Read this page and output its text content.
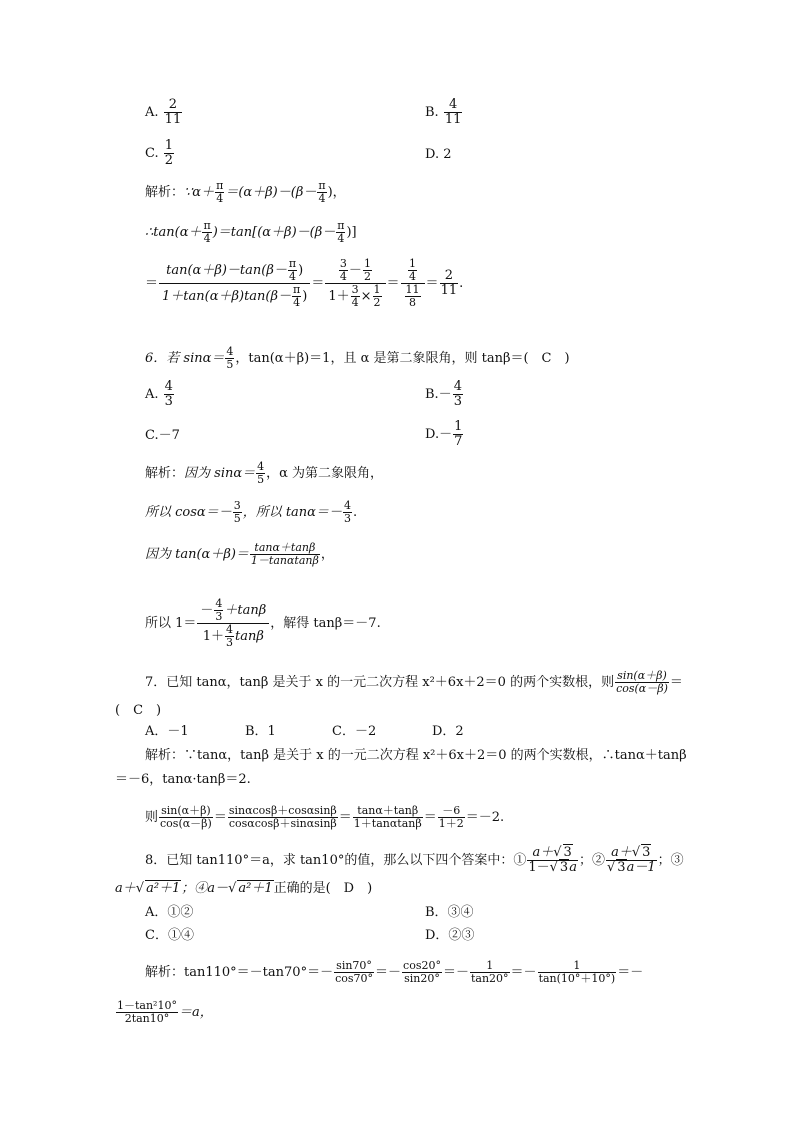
A. $\frac{2}{11}$	B. $\frac{4}{11}$
C. $\frac{1}{2}$	D. 2
解析：∵α＋ $\frac{\pi}{4} =(\alpha+\beta)-(\beta- \frac{\pi}{4}$ )，
∴tan(α＋ $\frac{\pi}{4} )=\tan[(\alpha+\beta)-(\beta- \frac{\pi}{4}$ )]
＝ $\frac{\tan(\alpha+\beta)-\tan(\beta- \frac{\pi}{4} )}{1+\tan(\alpha+\beta)\tan(\beta- \frac{\pi}{4} )} = \frac{\frac{3}{4} - \frac{1}{2}}{1+ \frac{3}{4} \times \frac{1}{2}} = \frac{\frac{1}{4}}{\frac{11}{8}} = \frac{2}{11}$ .
6．若 $\sin\alpha= \frac{4}{5}$ ，tan(α＋β)＝1，且 α 是第二象限角，则 tanβ＝(　C　)
A. $\frac{4}{3}$	$B.- \frac{4}{3}$
C.－7	$D.- \frac{1}{7}$
解析：因为 $\sin\alpha= \frac{4}{5}$ ，α 为第二象限角，
所以 $\cos\alpha=- \frac{3}{5}$ ，所以 $\tan\alpha=- \frac{4}{3}$ .
因为 $\tan(\alpha+\beta)= \frac{\tan\alpha+\tan\beta}{1-\tan\alpha\tan\beta}$ ，
所以 $1= \frac{- \frac{4}{3} +\tan\beta}{1+ \frac{4}{3} \tan\beta}$ ，解得 tanβ＝－7.
7．已知 tanα，tanβ 是关于 x 的一元二次方程 x²＋6x＋2＝0 的两个实数根，则 $\frac{\sin(\alpha+\beta)}{\cos(\alpha-\beta)}$ ＝
(　C　)
A．－1	B．1	C．－2	D．2
解析：∵tanα，tanβ 是关于 x 的一元二次方程 x²＋6x＋2＝0 的两个实数根，∴tanα＋tanβ
＝－6，tanα·tanβ＝2.
则 $\frac{\sin(\alpha+\beta)}{\cos(\alpha-\beta)} = \frac{\sin\alpha\cos\beta+\cos\alpha\sin\beta}{\cos\alpha\cos\beta+\sin\alpha\sin\beta} = \frac{\tan\alpha+\tan\beta}{1+\tan\alpha\tan\beta} = \frac{-6}{1+2} =-2$.
8．已知 tan110°＝a，求 tan10°的值，那么以下四个答案中：① $\frac{a+√ 3}{1-√ 3a}$ ；② $\frac{a+√ 3}{√ 3a-1}$ ；③
a＋√ a²＋1；④a－√ a²＋1正确的是(　D　)
A．①②	B．③④
C．①④	D．②③
解析：$\tan 110^\circ=-\tan 70^\circ=- \frac{\sin 70^\circ}{\cos 70^\circ} =- \frac{\cos 20^\circ}{\sin 20^\circ} =- \frac{1}{\tan 20^\circ} =- \frac{1}{\tan(10^\circ+10^\circ)}$ ＝－
$\frac{\text{1－tan²10°}}{2\tan 10^\circ} =a$，
